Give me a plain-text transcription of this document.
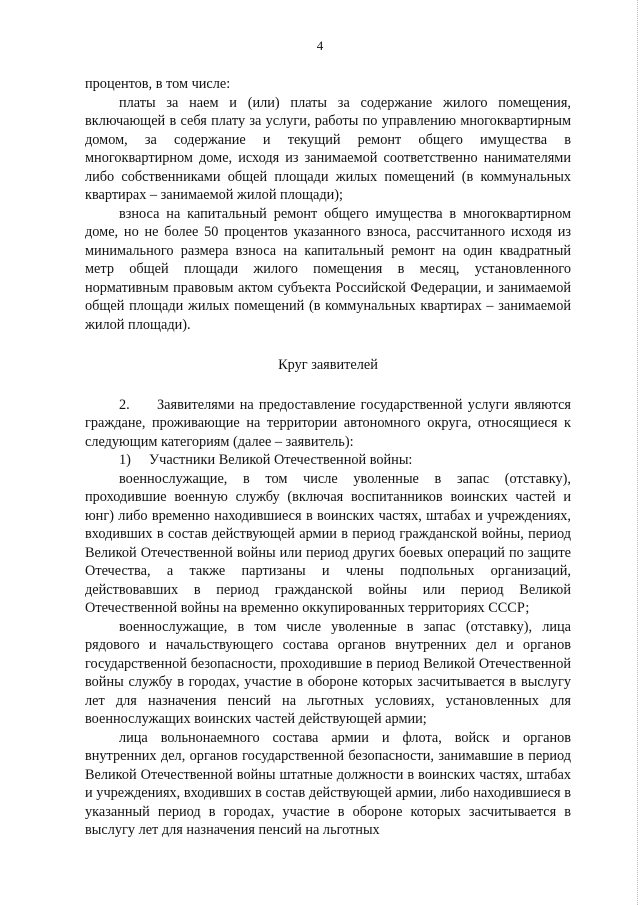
4

процентов, в том числе:

платы за наем и (или) платы за содержание жилого помещения, включающей в себя плату за услуги, работы по управлению многоквартирным домом, за содержание и текущий ремонт общего имущества в многоквартирном доме, исходя из занимаемой соответственно нанимателями либо собственниками общей площади жилых помещений (в коммунальных квартирах – занимаемой жилой площади);

взноса на капитальный ремонт общего имущества в многоквартирном доме, но не более 50 процентов указанного взноса, рассчитанного исходя из минимального размера взноса на капитальный ремонт на один квадратный метр общей площади жилого помещения в месяц, установленного нормативным правовым актом субъекта Российской Федерации, и занимаемой общей площади жилых помещений (в коммунальных квартирах – занимаемой жилой площади).

Круг заявителей

2. Заявителями на предоставление государственной услуги являются граждане, проживающие на территории автономного округа, относящиеся к следующим категориям (далее – заявитель):

1) Участники Великой Отечественной войны:

военнослужащие, в том числе уволенные в запас (отставку), проходившие военную службу (включая воспитанников воинских частей и юнг) либо временно находившиеся в воинских частях, штабах и учреждениях, входивших в состав действующей армии в период гражданской войны, период Великой Отечественной войны или период других боевых операций по защите Отечества, а также партизаны и члены подпольных организаций, действовавших в период гражданской войны или период Великой Отечественной войны на временно оккупированных территориях СССР;

военнослужащие, в том числе уволенные в запас (отставку), лица рядового и начальствующего состава органов внутренних дел и органов государственной безопасности, проходившие в период Великой Отечественной войны службу в городах, участие в обороне которых засчитывается в выслугу лет для назначения пенсий на льготных условиях, установленных для военнослужащих воинских частей действующей армии;

лица вольнонаемного состава армии и флота, войск и органов внутренних дел, органов государственной безопасности, занимавшие в период Великой Отечественной войны штатные должности в воинских частях, штабах и учреждениях, входивших в состав действующей армии, либо находившиеся в указанный период в городах, участие в обороне которых засчитывается в выслугу лет для назначения пенсий на льготных
